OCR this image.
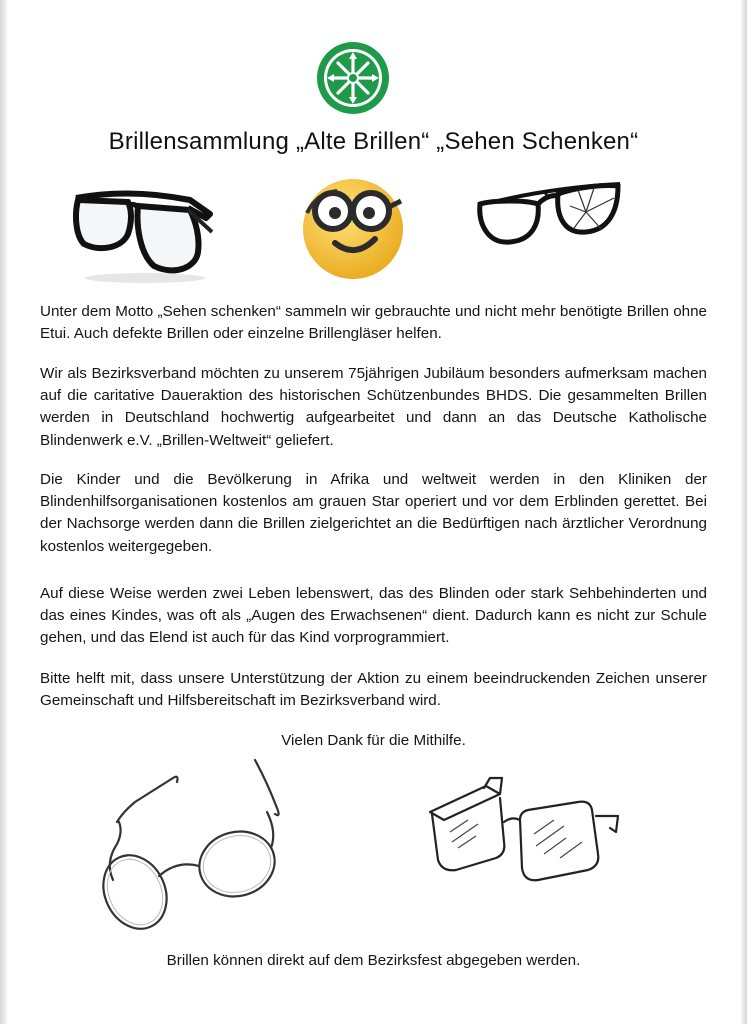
Brillensammlung „Alte Brillen“ „Sehen Schenken“

Unter dem Motto „Sehen schenken“ sammeln wir gebrauchte und nicht mehr benötigte Brillen ohne Etui. Auch defekte Brillen oder einzelne Brillengläser helfen.

Wir als Bezirksverband möchten zu unserem 75jährigen Jubiläum besonders aufmerksam machen auf die caritative Daueraktion des historischen Schützenbundes BHDS. Die gesammelten Brillen werden in Deutschland hochwertig aufgearbeitet und dann an das Deutsche Katholische Blindenwerk e.V. „Brillen-Weltweit“ geliefert.

Die Kinder und die Bevölkerung in Afrika und weltweit werden in den Kliniken der Blindenhilfsorganisationen kostenlos am grauen Star operiert und vor dem Erblinden gerettet. Bei der Nachsorge werden dann die Brillen zielgerichtet an die Bedürftigen nach ärztlicher Verordnung kostenlos weitergegeben.

Auf diese Weise werden zwei Leben lebenswert, das des Blinden oder stark Sehbehinderten und das eines Kindes, was oft als „Augen des Erwachsenen“ dient. Dadurch kann es nicht zur Schule gehen, und das Elend ist auch für das Kind vorprogrammiert.

Bitte helft mit, dass unsere Unterstützung der Aktion zu einem beeindruckenden Zeichen unserer Gemeinschaft und Hilfsbereitschaft im Bezirksverband wird.

Vielen Dank für die Mithilfe.

Brillen können direkt auf dem Bezirksfest abgegeben werden.
